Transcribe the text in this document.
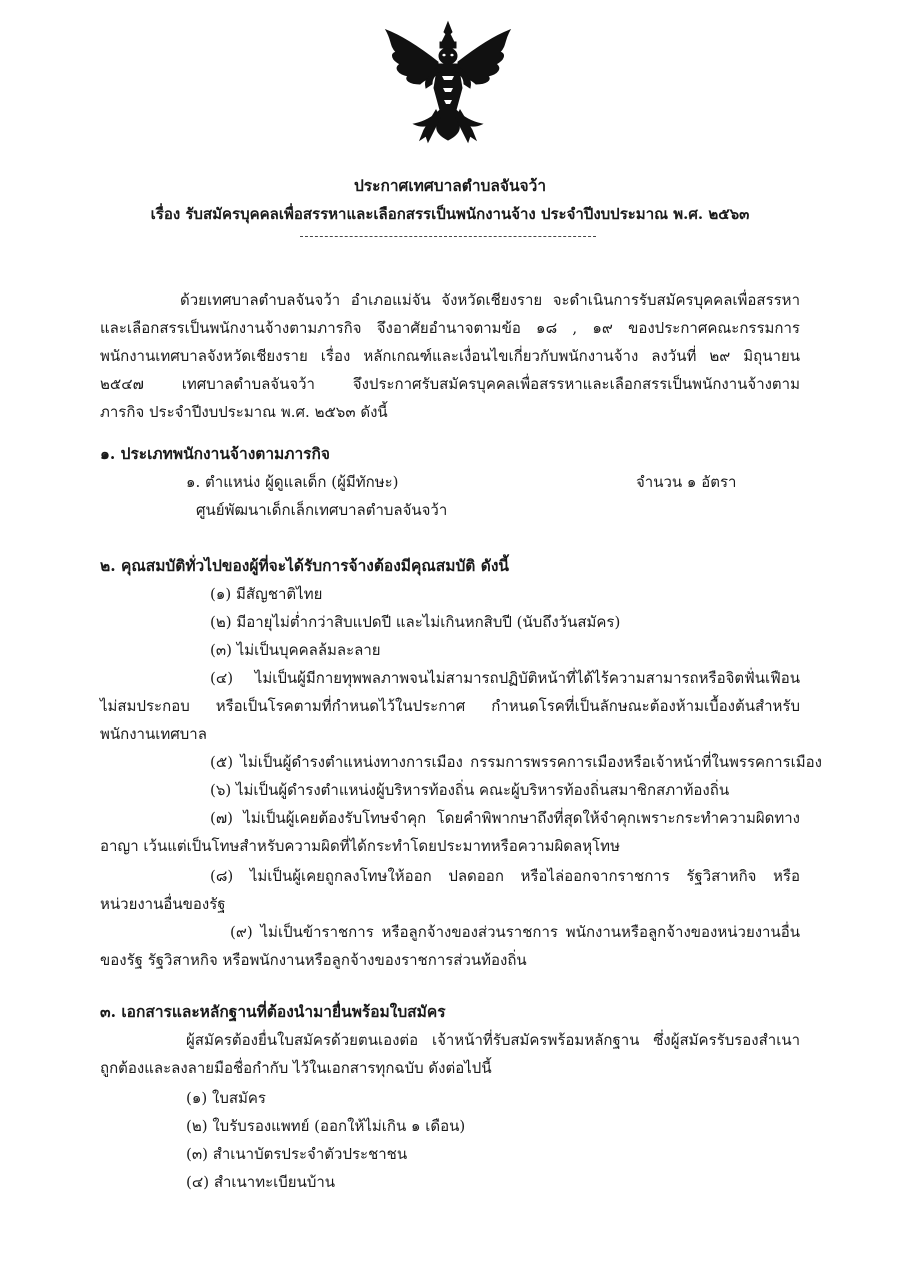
ประกาศเทศบาลตำบลจันจว้า
เรื่อง รับสมัครบุคคลเพื่อสรรหาและเลือกสรรเป็นพนักงานจ้าง ประจำปีงบประมาณ พ.ศ. ๒๕๖๓
ด้วยเทศบาลตำบลจันจว้า อำเภอแม่จัน จังหวัดเชียงราย จะดำเนินการรับสมัครบุคคลเพื่อสรรหา
และเลือกสรรเป็นพนักงานจ้างตามภารกิจ จึงอาศัยอำนาจตามข้อ ๑๘ , ๑๙ ของประกาศคณะกรรมการ
พนักงานเทศบาลจังหวัดเชียงราย เรื่อง หลักเกณฑ์และเงื่อนไขเกี่ยวกับพนักงานจ้าง ลงวันที่ ๒๙ มิถุนายน
๒๕๔๗ เทศบาลตำบลจันจว้า จึงประกาศรับสมัครบุคคลเพื่อสรรหาและเลือกสรรเป็นพนักงานจ้างตาม
ภารกิจ ประจำปีงบประมาณ พ.ศ. ๒๕๖๓ ดังนี้
๑. ประเภทพนักงานจ้างตามภารกิจ
๑. ตำแหน่ง ผู้ดูแลเด็ก (ผู้มีทักษะ)	จำนวน ๑ อัตรา
ศูนย์พัฒนาเด็กเล็กเทศบาลตำบลจันจว้า
๒. คุณสมบัติทั่วไปของผู้ที่จะได้รับการจ้างต้องมีคุณสมบัติ ดังนี้
(๑) มีสัญชาติไทย
(๒) มีอายุไม่ต่ำกว่าสิบแปดปี และไม่เกินหกสิบปี (นับถึงวันสมัคร)
(๓) ไม่เป็นบุคคลล้มละลาย
(๔) ไม่เป็นผู้มีกายทุพพลภาพจนไม่สามารถปฏิบัติหน้าที่ได้ไร้ความสามารถหรือจิตฟั่นเฟือน
ไม่สมประกอบ หรือเป็นโรคตามที่กำหนดไว้ในประกาศ กำหนดโรคที่เป็นลักษณะต้องห้ามเบื้องต้นสำหรับ
พนักงานเทศบาล
(๕) ไม่เป็นผู้ดำรงตำแหน่งทางการเมือง กรรมการพรรคการเมืองหรือเจ้าหน้าที่ในพรรคการเมือง
(๖) ไม่เป็นผู้ดำรงตำแหน่งผู้บริหารท้องถิ่น คณะผู้บริหารท้องถิ่นสมาชิกสภาท้องถิ่น
(๗) ไม่เป็นผู้เคยต้องรับโทษจำคุก โดยคำพิพากษาถึงที่สุดให้จำคุกเพราะกระทำความผิดทาง
อาญา เว้นแต่เป็นโทษสำหรับความผิดที่ได้กระทำโดยประมาทหรือความผิดลหุโทษ
(๘) ไม่เป็นผู้เคยถูกลงโทษให้ออก ปลดออก หรือไล่ออกจากราชการ รัฐวิสาหกิจ หรือ
หน่วยงานอื่นของรัฐ
(๙) ไม่เป็นข้าราชการ หรือลูกจ้างของส่วนราชการ พนักงานหรือลูกจ้างของหน่วยงานอื่น
ของรัฐ รัฐวิสาหกิจ หรือพนักงานหรือลูกจ้างของราชการส่วนท้องถิ่น
๓. เอกสารและหลักฐานที่ต้องนำมายื่นพร้อมใบสมัคร
ผู้สมัครต้องยื่นใบสมัครด้วยตนเองต่อ เจ้าหน้าที่รับสมัครพร้อมหลักฐาน ซึ่งผู้สมัครรับรองสำเนา
ถูกต้องและลงลายมือชื่อกำกับ ไว้ในเอกสารทุกฉบับ ดังต่อไปนี้
(๑) ใบสมัคร
(๒) ใบรับรองแพทย์ (ออกให้ไม่เกิน ๑ เดือน)
(๓) สำเนาบัตรประจำตัวประชาชน
(๔) สำเนาทะเบียนบ้าน
